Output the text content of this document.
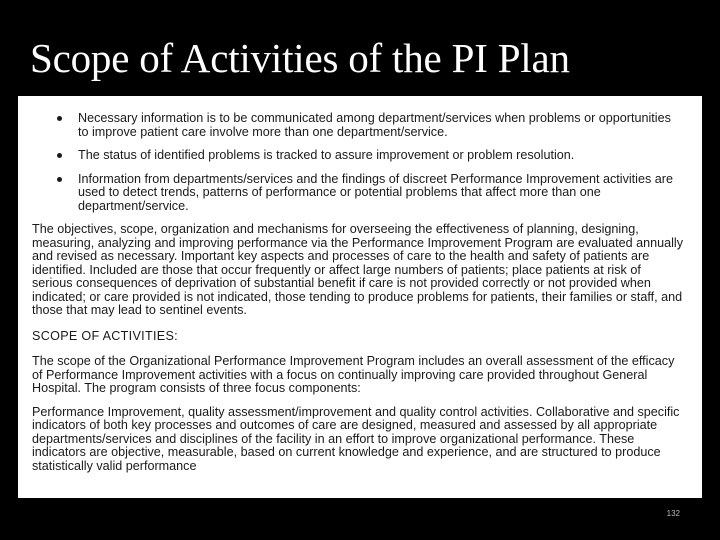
Scope of Activities of the PI Plan
Necessary information is to be communicated among department/services when problems or opportunities to improve patient care involve more than one department/service.
The status of identified problems is tracked to assure improvement or problem resolution.
Information from departments/services and the findings of discreet Performance Improvement activities are used to detect trends, patterns of performance or potential problems that affect more than one department/service.

The objectives, scope, organization and mechanisms for overseeing the effectiveness of planning, designing, measuring, analyzing and improving performance via the Performance Improvement Program are evaluated annually and revised as necessary. Important key aspects and processes of care to the health and safety of patients are identified. Included are those that occur frequently or affect large numbers of patients; place patients at risk of serious consequences of deprivation of substantial benefit if care is not provided correctly or not provided when indicated; or care provided is not indicated, those tending to produce problems for patients, their families or staff, and those that may lead to sentinel events.

SCOPE OF ACTIVITIES:

The scope of the Organizational Performance Improvement Program includes an overall assessment of the efficacy of Performance Improvement activities with a focus on continually improving care provided throughout General Hospital. The program consists of three focus components:

Performance Improvement, quality assessment/improvement and quality control activities. Collaborative and specific indicators of both key processes and outcomes of care are designed, measured and assessed by all appropriate departments/services and disciplines of the facility in an effort to improve organizational performance. These indicators are objective, measurable, based on current knowledge and experience, and are structured to produce statistically valid performance

132
